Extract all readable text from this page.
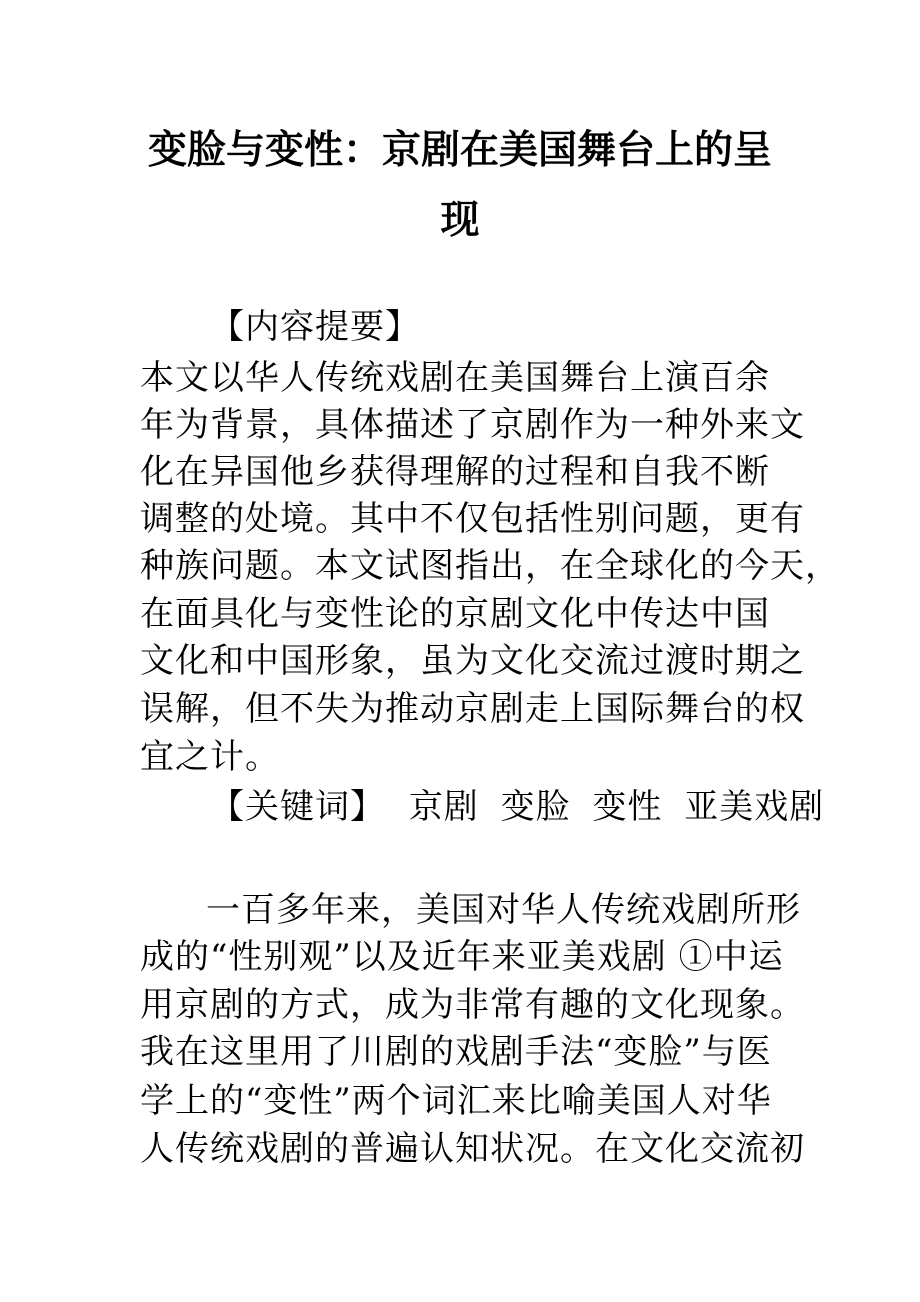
变脸与变性：京剧在美国舞台上的呈
现
【内容提要】
本文以华人传统戏剧在美国舞台上演百余
年为背景，具体描述了京剧作为一种外来文
化在异国他乡获得理解的过程和自我不断
调整的处境。其中不仅包括性别问题，更有
种族问题。本文试图指出，在全球化的今天，
在面具化与变性论的京剧文化中传达中国
文化和中国形象，虽为文化交流过渡时期之
误解，但不失为推动京剧走上国际舞台的权
宜之计。
【关键词】 京剧 变脸 变性 亚美戏剧
一百多年来，美国对华人传统戏剧所形
成的“性别观”以及近年来亚美戏剧 ①中运
用京剧的方式，成为非常有趣的文化现象。
我在这里用了川剧的戏剧手法“变脸”与医
学上的“变性”两个词汇来比喻美国人对华
人传统戏剧的普遍认知状况。在文化交流初
